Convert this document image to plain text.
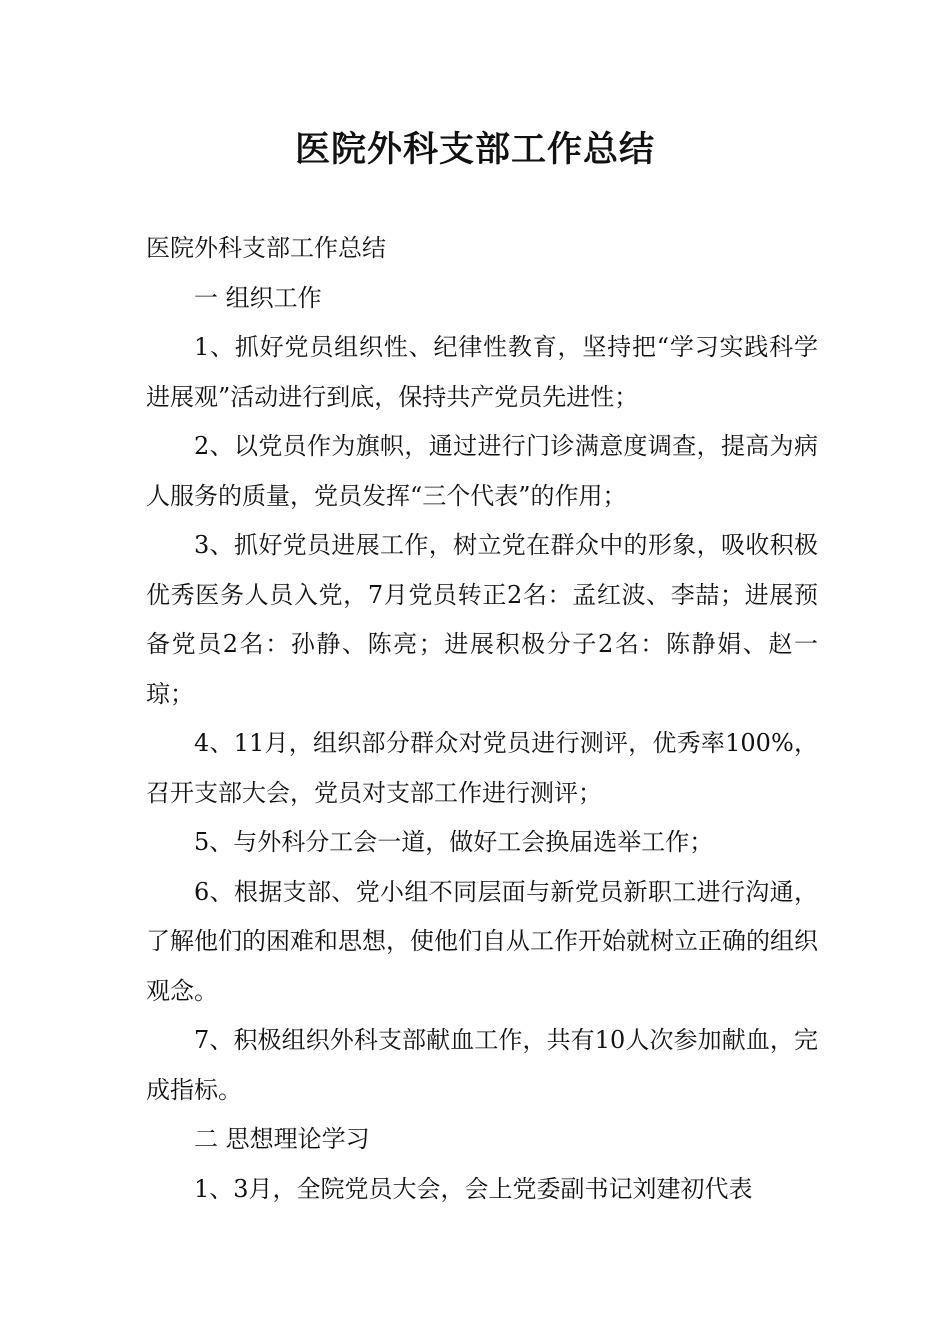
医院外科支部工作总结

医院外科支部工作总结

一 组织工作

1、抓好党员组织性、纪律性教育，坚持把“学习实践科学进展观”活动进行到底，保持共产党员先进性；

2、以党员作为旗帜，通过进行门诊满意度调查，提高为病人服务的质量，党员发挥“三个代表”的作用；

3、抓好党员进展工作，树立党在群众中的形象，吸收积极优秀医务人员入党，7月党员转正2名：孟红波、李喆；进展预备党员2名：孙静、陈亮；进展积极分子2名：陈静娟、赵一琼；

4、11月，组织部分群众对党员进行测评，优秀率100%，召开支部大会，党员对支部工作进行测评；

5、与外科分工会一道，做好工会换届选举工作；

6、根据支部、党小组不同层面与新党员新职工进行沟通，了解他们的困难和思想，使他们自从工作开始就树立正确的组织观念。

7、积极组织外科支部献血工作，共有10人次参加献血，完成指标。

二 思想理论学习

1、3月，全院党员大会，会上党委副书记刘建初代表
